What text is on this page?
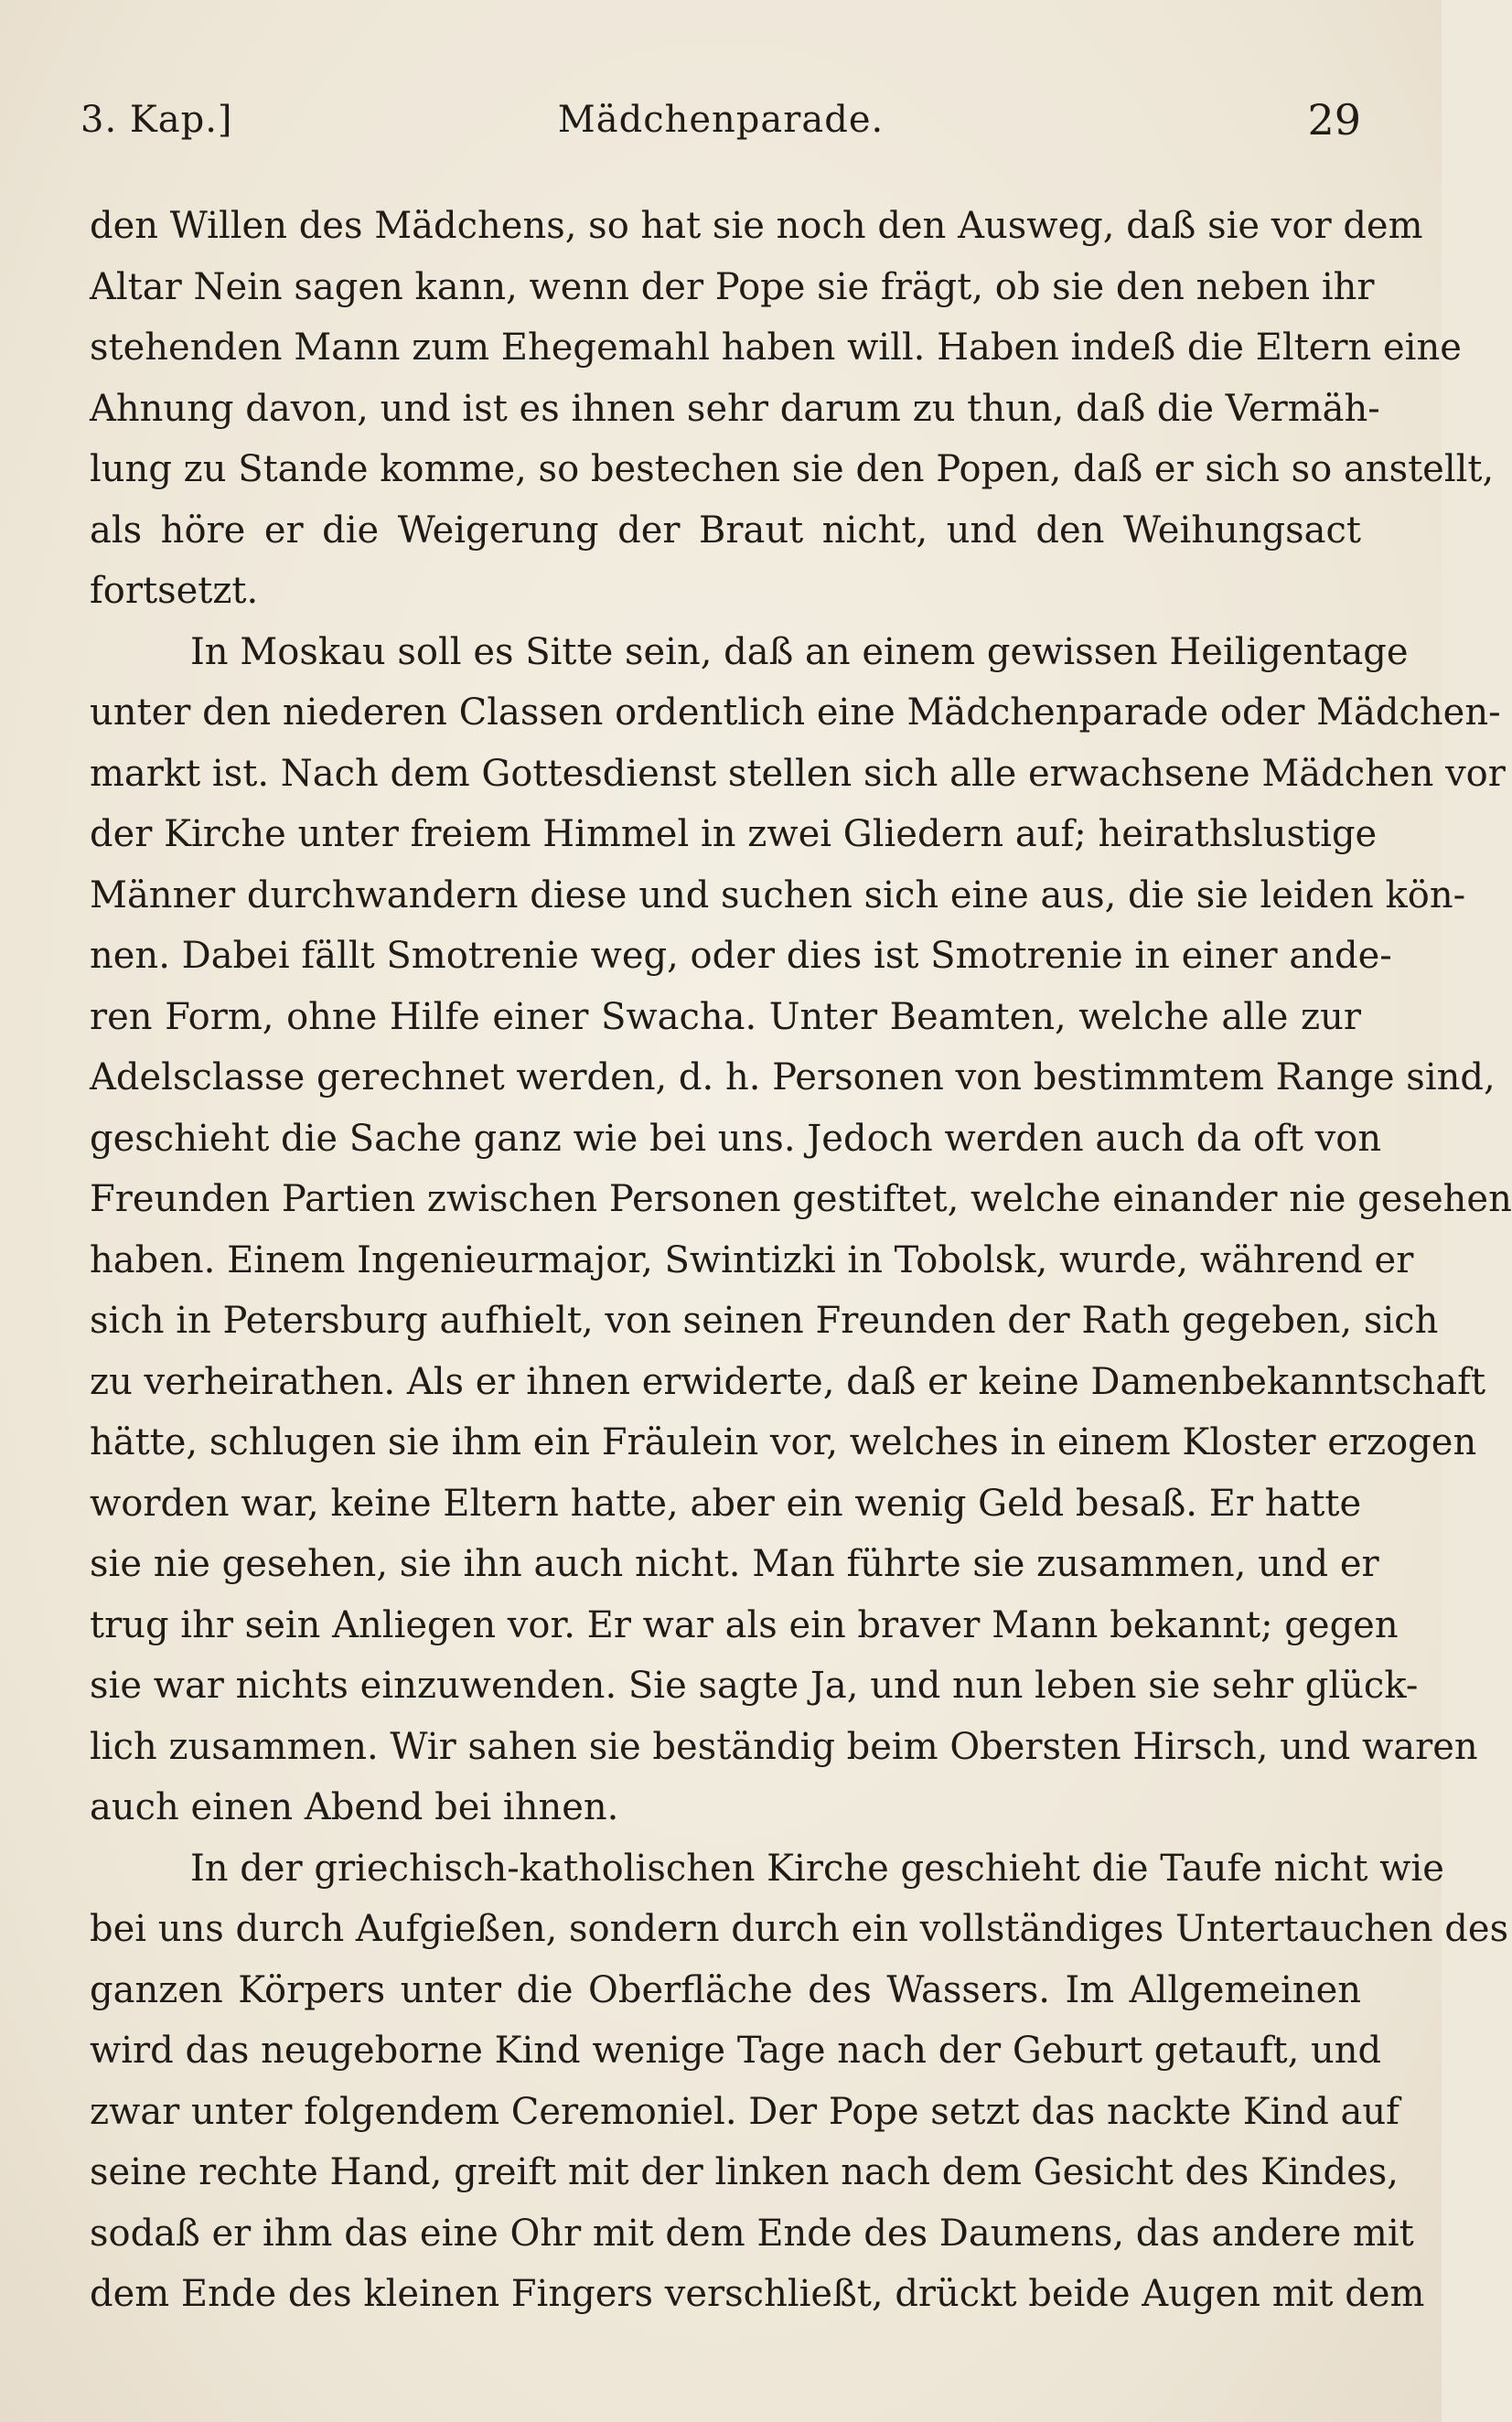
3. Kap.]	Mädchenparade.	29
den Willen des Mädchens, so hat sie noch den Ausweg, daß sie vor dem
Altar Nein sagen kann, wenn der Pope sie frägt, ob sie den neben ihr
stehenden Mann zum Ehegemahl haben will. Haben indeß die Eltern eine
Ahnung davon, und ist es ihnen sehr darum zu thun, daß die Vermäh-
lung zu Stande komme, so bestechen sie den Popen, daß er sich so anstellt,
als höre er die Weigerung der Braut nicht, und den Weihungsact
fortsetzt.
In Moskau soll es Sitte sein, daß an einem gewissen Heiligentage
unter den niederen Classen ordentlich eine Mädchenparade oder Mädchen-
markt ist. Nach dem Gottesdienst stellen sich alle erwachsene Mädchen vor
der Kirche unter freiem Himmel in zwei Gliedern auf; heirathslustige
Männer durchwandern diese und suchen sich eine aus, die sie leiden kön-
nen. Dabei fällt Smotrenie weg, oder dies ist Smotrenie in einer ande-
ren Form, ohne Hilfe einer Swacha. Unter Beamten, welche alle zur
Adelsclasse gerechnet werden, d. h. Personen von bestimmtem Range sind,
geschieht die Sache ganz wie bei uns. Jedoch werden auch da oft von
Freunden Partien zwischen Personen gestiftet, welche einander nie gesehen
haben. Einem Ingenieurmajor, Swintizki in Tobolsk, wurde, während er
sich in Petersburg aufhielt, von seinen Freunden der Rath gegeben, sich
zu verheirathen. Als er ihnen erwiderte, daß er keine Damenbekanntschaft
hätte, schlugen sie ihm ein Fräulein vor, welches in einem Kloster erzogen
worden war, keine Eltern hatte, aber ein wenig Geld besaß. Er hatte
sie nie gesehen, sie ihn auch nicht. Man führte sie zusammen, und er
trug ihr sein Anliegen vor. Er war als ein braver Mann bekannt; gegen
sie war nichts einzuwenden. Sie sagte Ja, und nun leben sie sehr glück-
lich zusammen. Wir sahen sie beständig beim Obersten Hirsch, und waren
auch einen Abend bei ihnen.
In der griechisch-katholischen Kirche geschieht die Taufe nicht wie
bei uns durch Aufgießen, sondern durch ein vollständiges Untertauchen des
ganzen Körpers unter die Oberfläche des Wassers. Im Allgemeinen
wird das neugeborne Kind wenige Tage nach der Geburt getauft, und
zwar unter folgendem Ceremoniel. Der Pope setzt das nackte Kind auf
seine rechte Hand, greift mit der linken nach dem Gesicht des Kindes,
sodaß er ihm das eine Ohr mit dem Ende des Daumens, das andere mit
dem Ende des kleinen Fingers verschließt, drückt beide Augen mit dem
